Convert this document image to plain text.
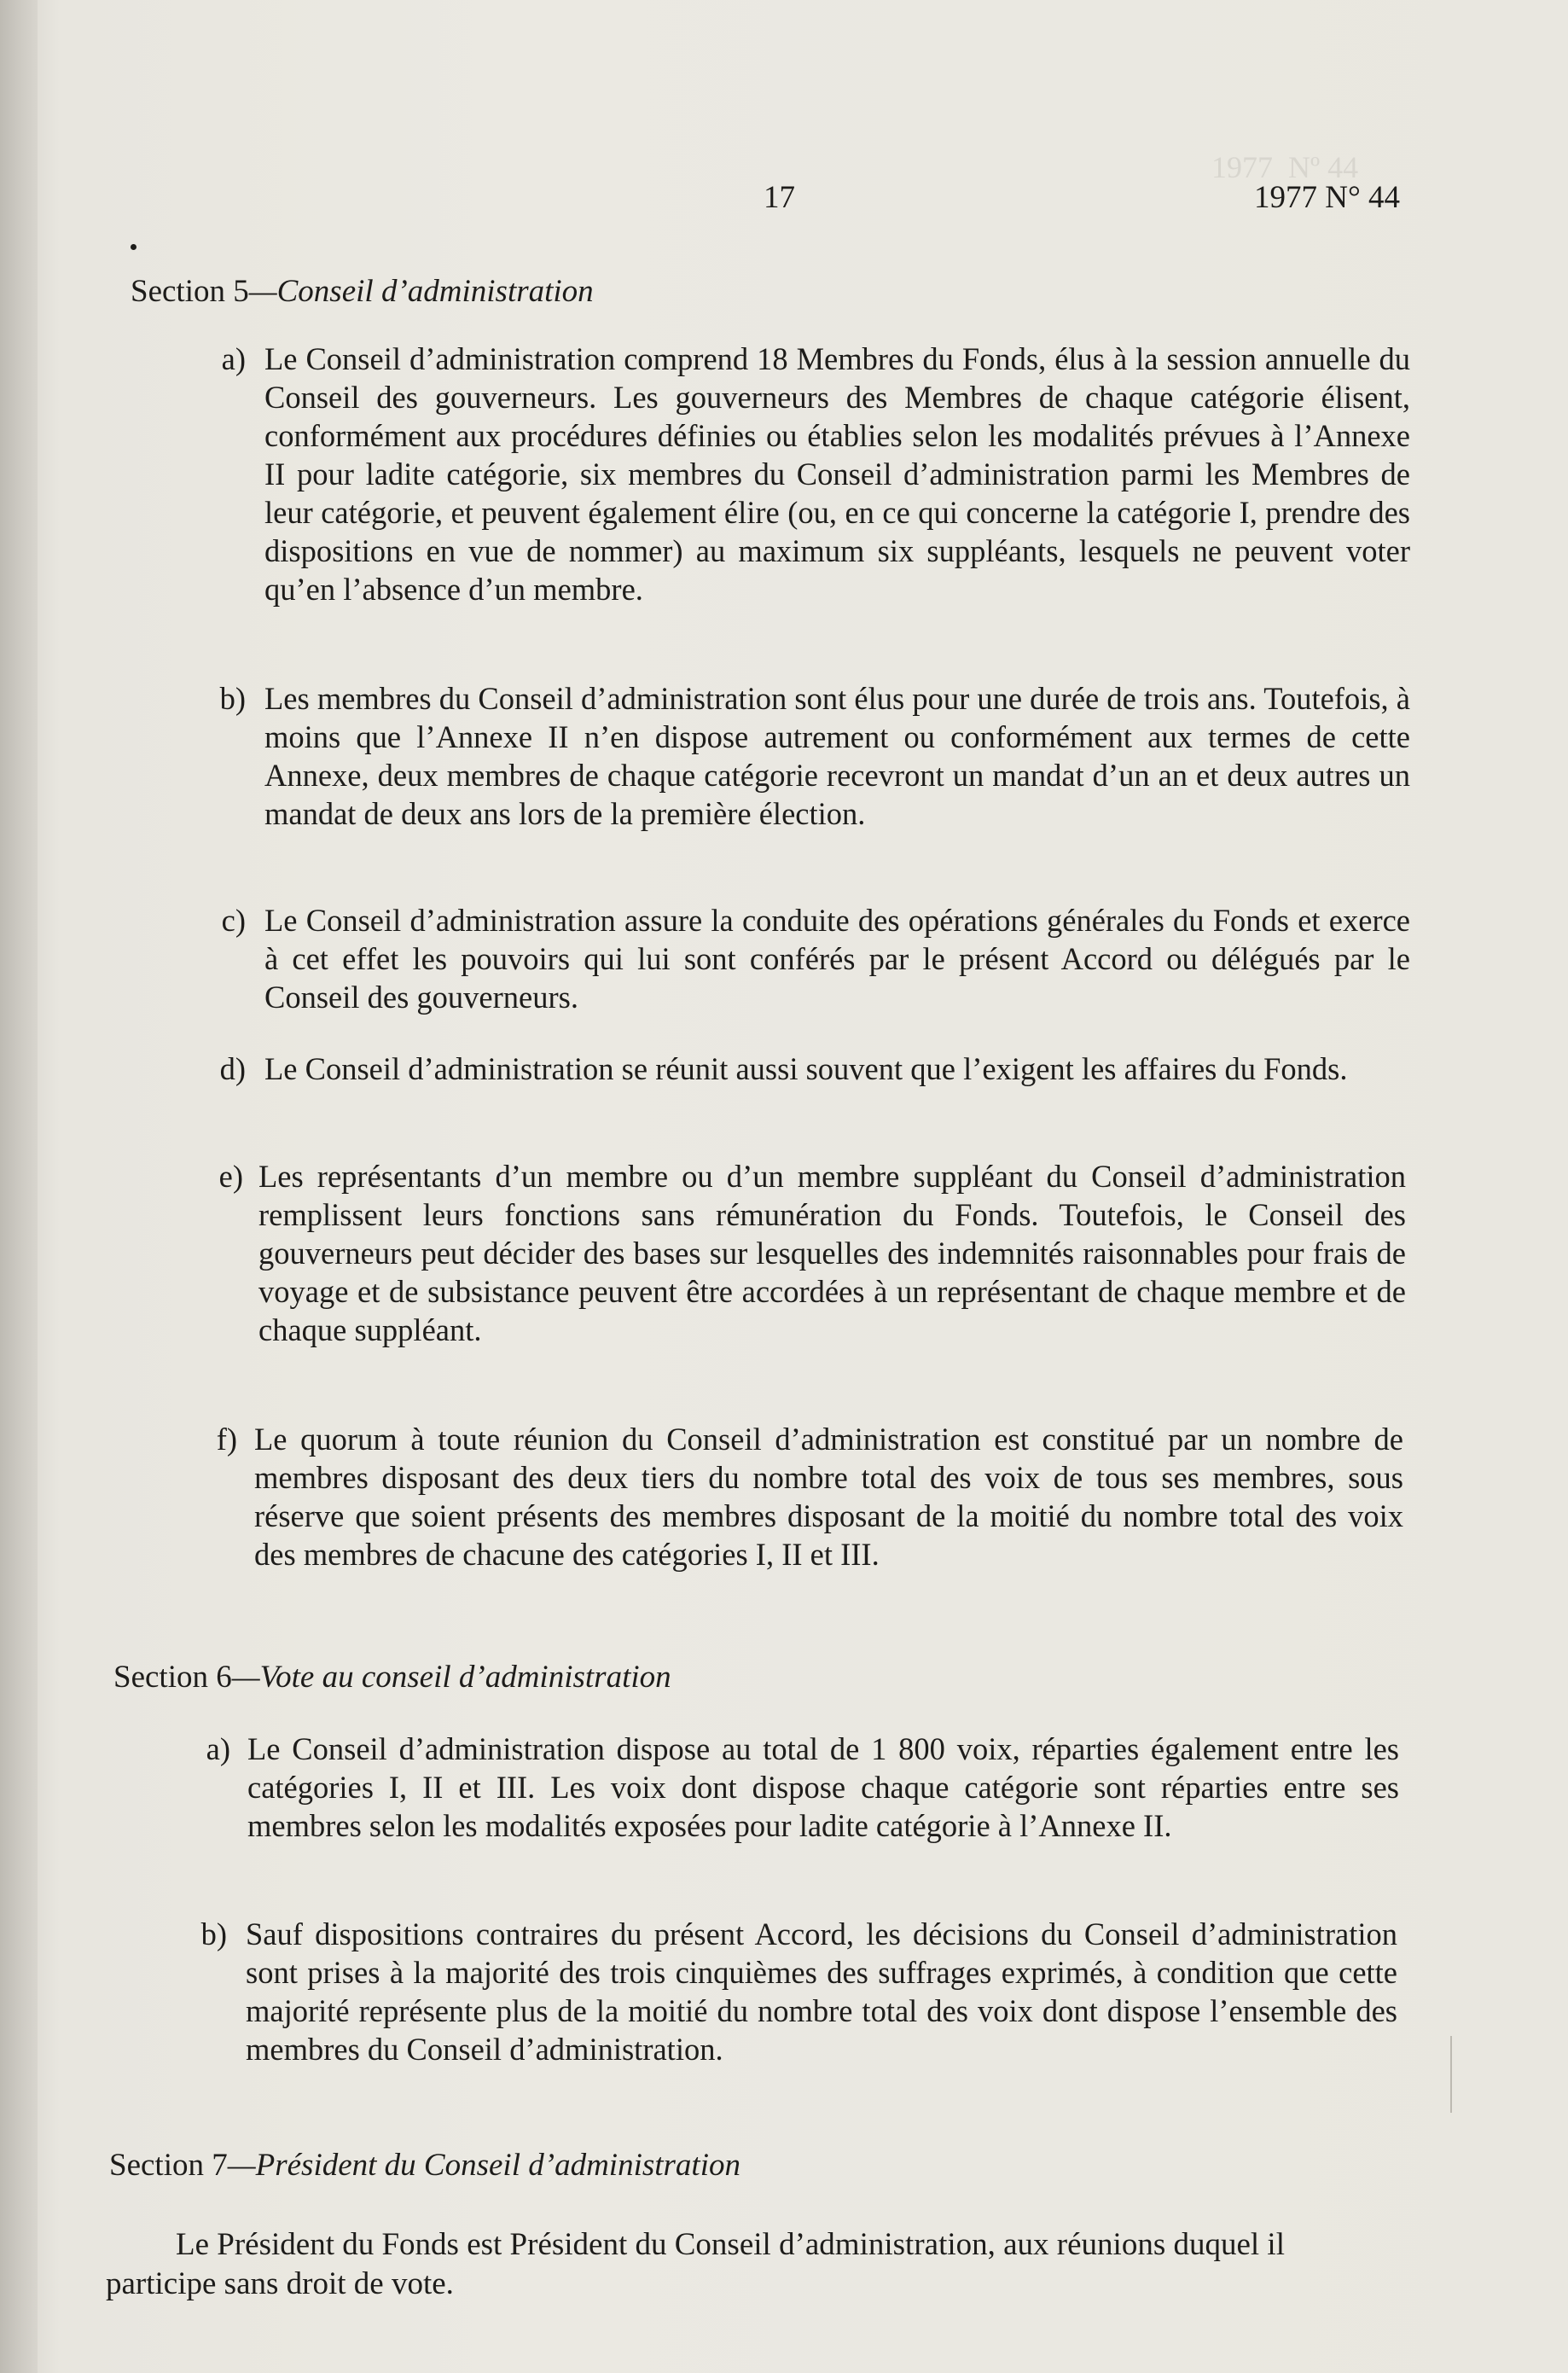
1977  Nº 44

17	1977 N° 44
Section 5—Conseil d’administration
a) Le Conseil d’administration comprend 18 Membres du Fonds, élus à la session annuelle du Conseil des gouverneurs. Les gouverneurs des Membres de chaque catégorie élisent, conformément aux procédures définies ou établies selon les modalités prévues à l’Annexe II pour ladite catégorie, six membres du Conseil d’administration parmi les Membres de leur catégorie, et peuvent également élire (ou, en ce qui concerne la catégorie I, prendre des dispositions en vue de nommer) au maximum six suppléants, lesquels ne peuvent voter qu’en l’absence d’un membre.
b) Les membres du Conseil d’administration sont élus pour une durée de trois ans. Toutefois, à moins que l’Annexe II n’en dispose autrement ou conformément aux termes de cette Annexe, deux membres de chaque catégorie recevront un mandat d’un an et deux autres un mandat de deux ans lors de la première élection.
c) Le Conseil d’administration assure la conduite des opérations générales du Fonds et exerce à cet effet les pouvoirs qui lui sont conférés par le présent Accord ou délégués par le Conseil des gouverneurs.
d) Le Conseil d’administration se réunit aussi souvent que l’exigent les affaires du Fonds.
e) Les représentants d’un membre ou d’un membre suppléant du Conseil d’administration remplissent leurs fonctions sans rémunération du Fonds. Toutefois, le Conseil des gouverneurs peut décider des bases sur lesquelles des indemnités raisonnables pour frais de voyage et de subsistance peuvent être accordées à un représentant de chaque membre et de chaque suppléant.
f) Le quorum à toute réunion du Conseil d’administration est constitué par un nombre de membres disposant des deux tiers du nombre total des voix de tous ses membres, sous réserve que soient présents des membres disposant de la moitié du nombre total des voix des membres de chacune des catégories I, II et III.
Section 6—Vote au conseil d’administration
a) Le Conseil d’administration dispose au total de 1 800 voix, réparties également entre les catégories I, II et III. Les voix dont dispose chaque catégorie sont réparties entre ses membres selon les modalités exposées pour ladite catégorie à l’Annexe II.
b) Sauf dispositions contraires du présent Accord, les décisions du Conseil d’administration sont prises à la majorité des trois cinquièmes des suffrages exprimés, à condition que cette majorité représente plus de la moitié du nombre total des voix dont dispose l’ensemble des membres du Conseil d’administration.
Section 7—Président du Conseil d’administration
Le Président du Fonds est Président du Conseil d’administration, aux réunions duquel il participe sans droit de vote.
